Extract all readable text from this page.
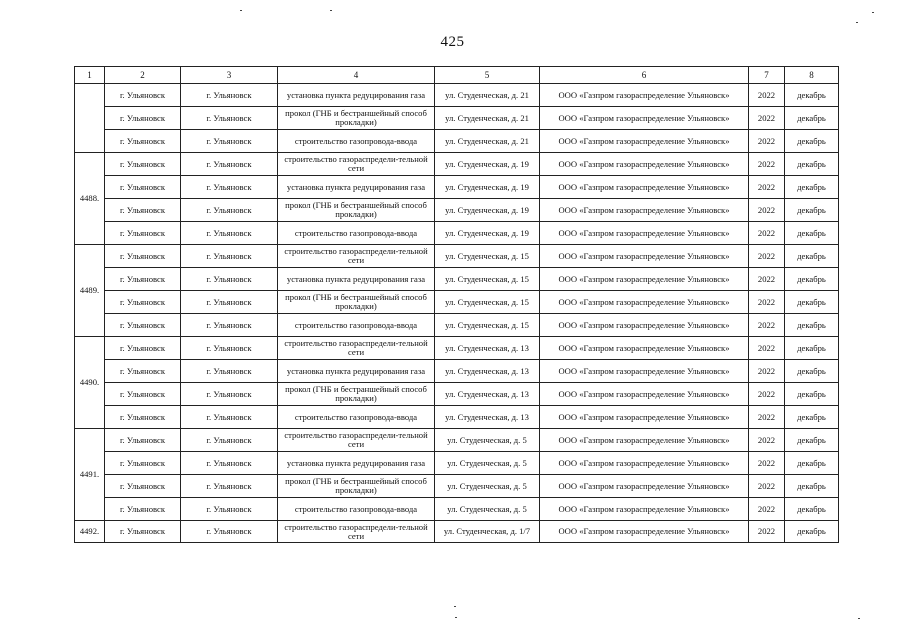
425
1	2	3	4	5	6	7	8
	г. Ульяновск	г. Ульяновск	установка пункта редуцирования газа	ул. Студенческая, д. 21	ООО «Газпром газораспределение Ульяновск»	2022	декабрь
	г. Ульяновск	г. Ульяновск	прокол (ГНБ и бестраншейный способ прокладки)	ул. Студенческая, д. 21	ООО «Газпром газораспределение Ульяновск»	2022	декабрь
	г. Ульяновск	г. Ульяновск	строительство газопровода-ввода	ул. Студенческая, д. 21	ООО «Газпром газораспределение Ульяновск»	2022	декабрь
4488.	г. Ульяновск	г. Ульяновск	строительство газораспредели-тельной сети	ул. Студенческая, д. 19	ООО «Газпром газораспределение Ульяновск»	2022	декабрь
	г. Ульяновск	г. Ульяновск	установка пункта редуцирования газа	ул. Студенческая, д. 19	ООО «Газпром газораспределение Ульяновск»	2022	декабрь
	г. Ульяновск	г. Ульяновск	прокол (ГНБ и бестраншейный способ прокладки)	ул. Студенческая, д. 19	ООО «Газпром газораспределение Ульяновск»	2022	декабрь
	г. Ульяновск	г. Ульяновск	строительство газопровода-ввода	ул. Студенческая, д. 19	ООО «Газпром газораспределение Ульяновск»	2022	декабрь
4489.	г. Ульяновск	г. Ульяновск	строительство газораспредели-тельной сети	ул. Студенческая, д. 15	ООО «Газпром газораспределение Ульяновск»	2022	декабрь
	г. Ульяновск	г. Ульяновск	установка пункта редуцирования газа	ул. Студенческая, д. 15	ООО «Газпром газораспределение Ульяновск»	2022	декабрь
	г. Ульяновск	г. Ульяновск	прокол (ГНБ и бестраншейный способ прокладки)	ул. Студенческая, д. 15	ООО «Газпром газораспределение Ульяновск»	2022	декабрь
	г. Ульяновск	г. Ульяновск	строительство газопровода-ввода	ул. Студенческая, д. 15	ООО «Газпром газораспределение Ульяновск»	2022	декабрь
4490.	г. Ульяновск	г. Ульяновск	строительство газораспредели-тельной сети	ул. Студенческая, д. 13	ООО «Газпром газораспределение Ульяновск»	2022	декабрь
	г. Ульяновск	г. Ульяновск	установка пункта редуцирования газа	ул. Студенческая, д. 13	ООО «Газпром газораспределение Ульяновск»	2022	декабрь
	г. Ульяновск	г. Ульяновск	прокол (ГНБ и бестраншейный способ прокладки)	ул. Студенческая, д. 13	ООО «Газпром газораспределение Ульяновск»	2022	декабрь
	г. Ульяновск	г. Ульяновск	строительство газопровода-ввода	ул. Студенческая, д. 13	ООО «Газпром газораспределение Ульяновск»	2022	декабрь
4491.	г. Ульяновск	г. Ульяновск	строительство газораспредели-тельной сети	ул. Студенческая, д. 5	ООО «Газпром газораспределение Ульяновск»	2022	декабрь
	г. Ульяновск	г. Ульяновск	установка пункта редуцирования газа	ул. Студенческая, д. 5	ООО «Газпром газораспределение Ульяновск»	2022	декабрь
	г. Ульяновск	г. Ульяновск	прокол (ГНБ и бестраншейный способ прокладки)	ул. Студенческая, д. 5	ООО «Газпром газораспределение Ульяновск»	2022	декабрь
	г. Ульяновск	г. Ульяновск	строительство газопровода-ввода	ул. Студенческая, д. 5	ООО «Газпром газораспределение Ульяновск»	2022	декабрь
4492.	г. Ульяновск	г. Ульяновск	строительство газораспредели-тельной сети	ул. Студенческая, д. 1/7	ООО «Газпром газораспределение Ульяновск»	2022	декабрь
